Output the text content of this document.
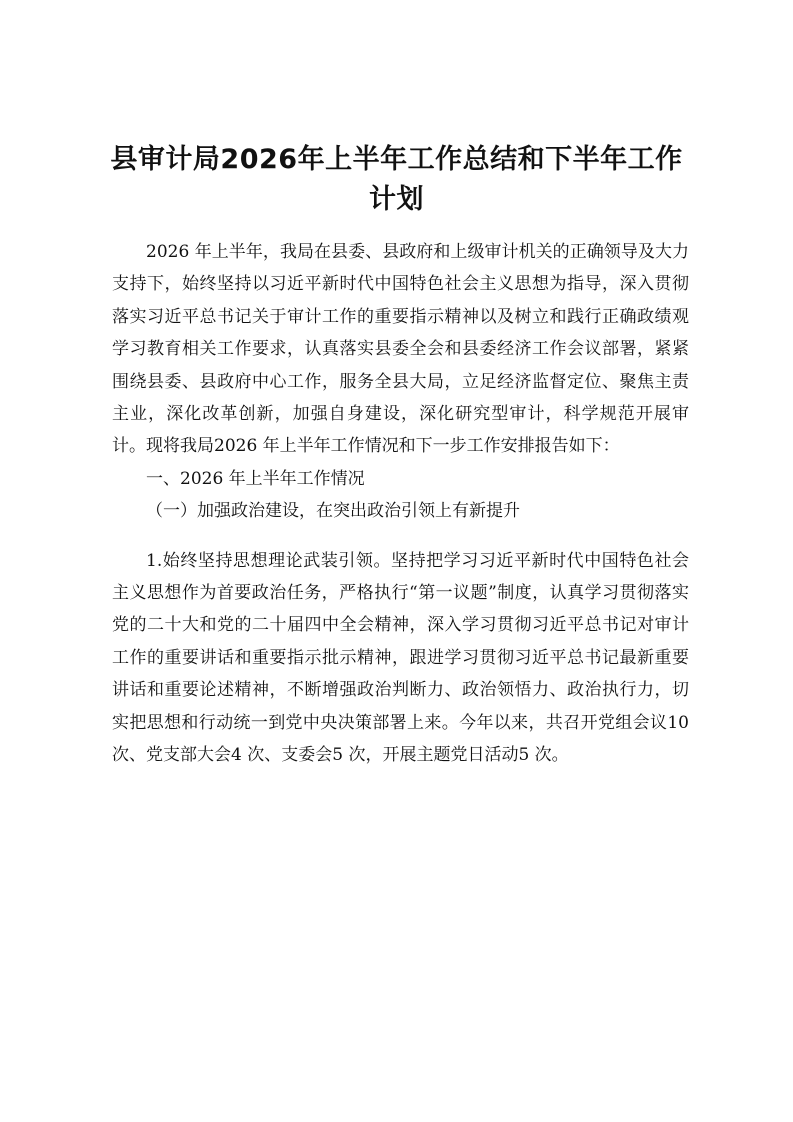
县审计局2026年上半年工作总结和下半年工作计划

2026 年上半年，我局在县委、县政府和上级审计机关的正确领导及大力支持下，始终坚持以习近平新时代中国特色社会主义思想为指导，深入贯彻落实习近平总书记关于审计工作的重要指示精神以及树立和践行正确政绩观学习教育相关工作要求，认真落实县委全会和县委经济工作会议部署，紧紧围绕县委、县政府中心工作，服务全县大局，立足经济监督定位、聚焦主责主业，深化改革创新，加强自身建设，深化研究型审计，科学规范开展审计。现将我局2026 年上半年工作情况和下一步工作安排报告如下：

一、2026 年上半年工作情况

（一）加强政治建设，在突出政治引领上有新提升

1.始终坚持思想理论武装引领。坚持把学习习近平新时代中国特色社会主义思想作为首要政治任务，严格执行“第一议题”制度，认真学习贯彻落实党的二十大和党的二十届四中全会精神，深入学习贯彻习近平总书记对审计工作的重要讲话和重要指示批示精神，跟进学习贯彻习近平总书记最新重要讲话和重要论述精神，不断增强政治判断力、政治领悟力、政治执行力，切实把思想和行动统一到党中央决策部署上来。今年以来，共召开党组会议10 次、党支部大会4 次、支委会5 次，开展主题党日活动5 次。
